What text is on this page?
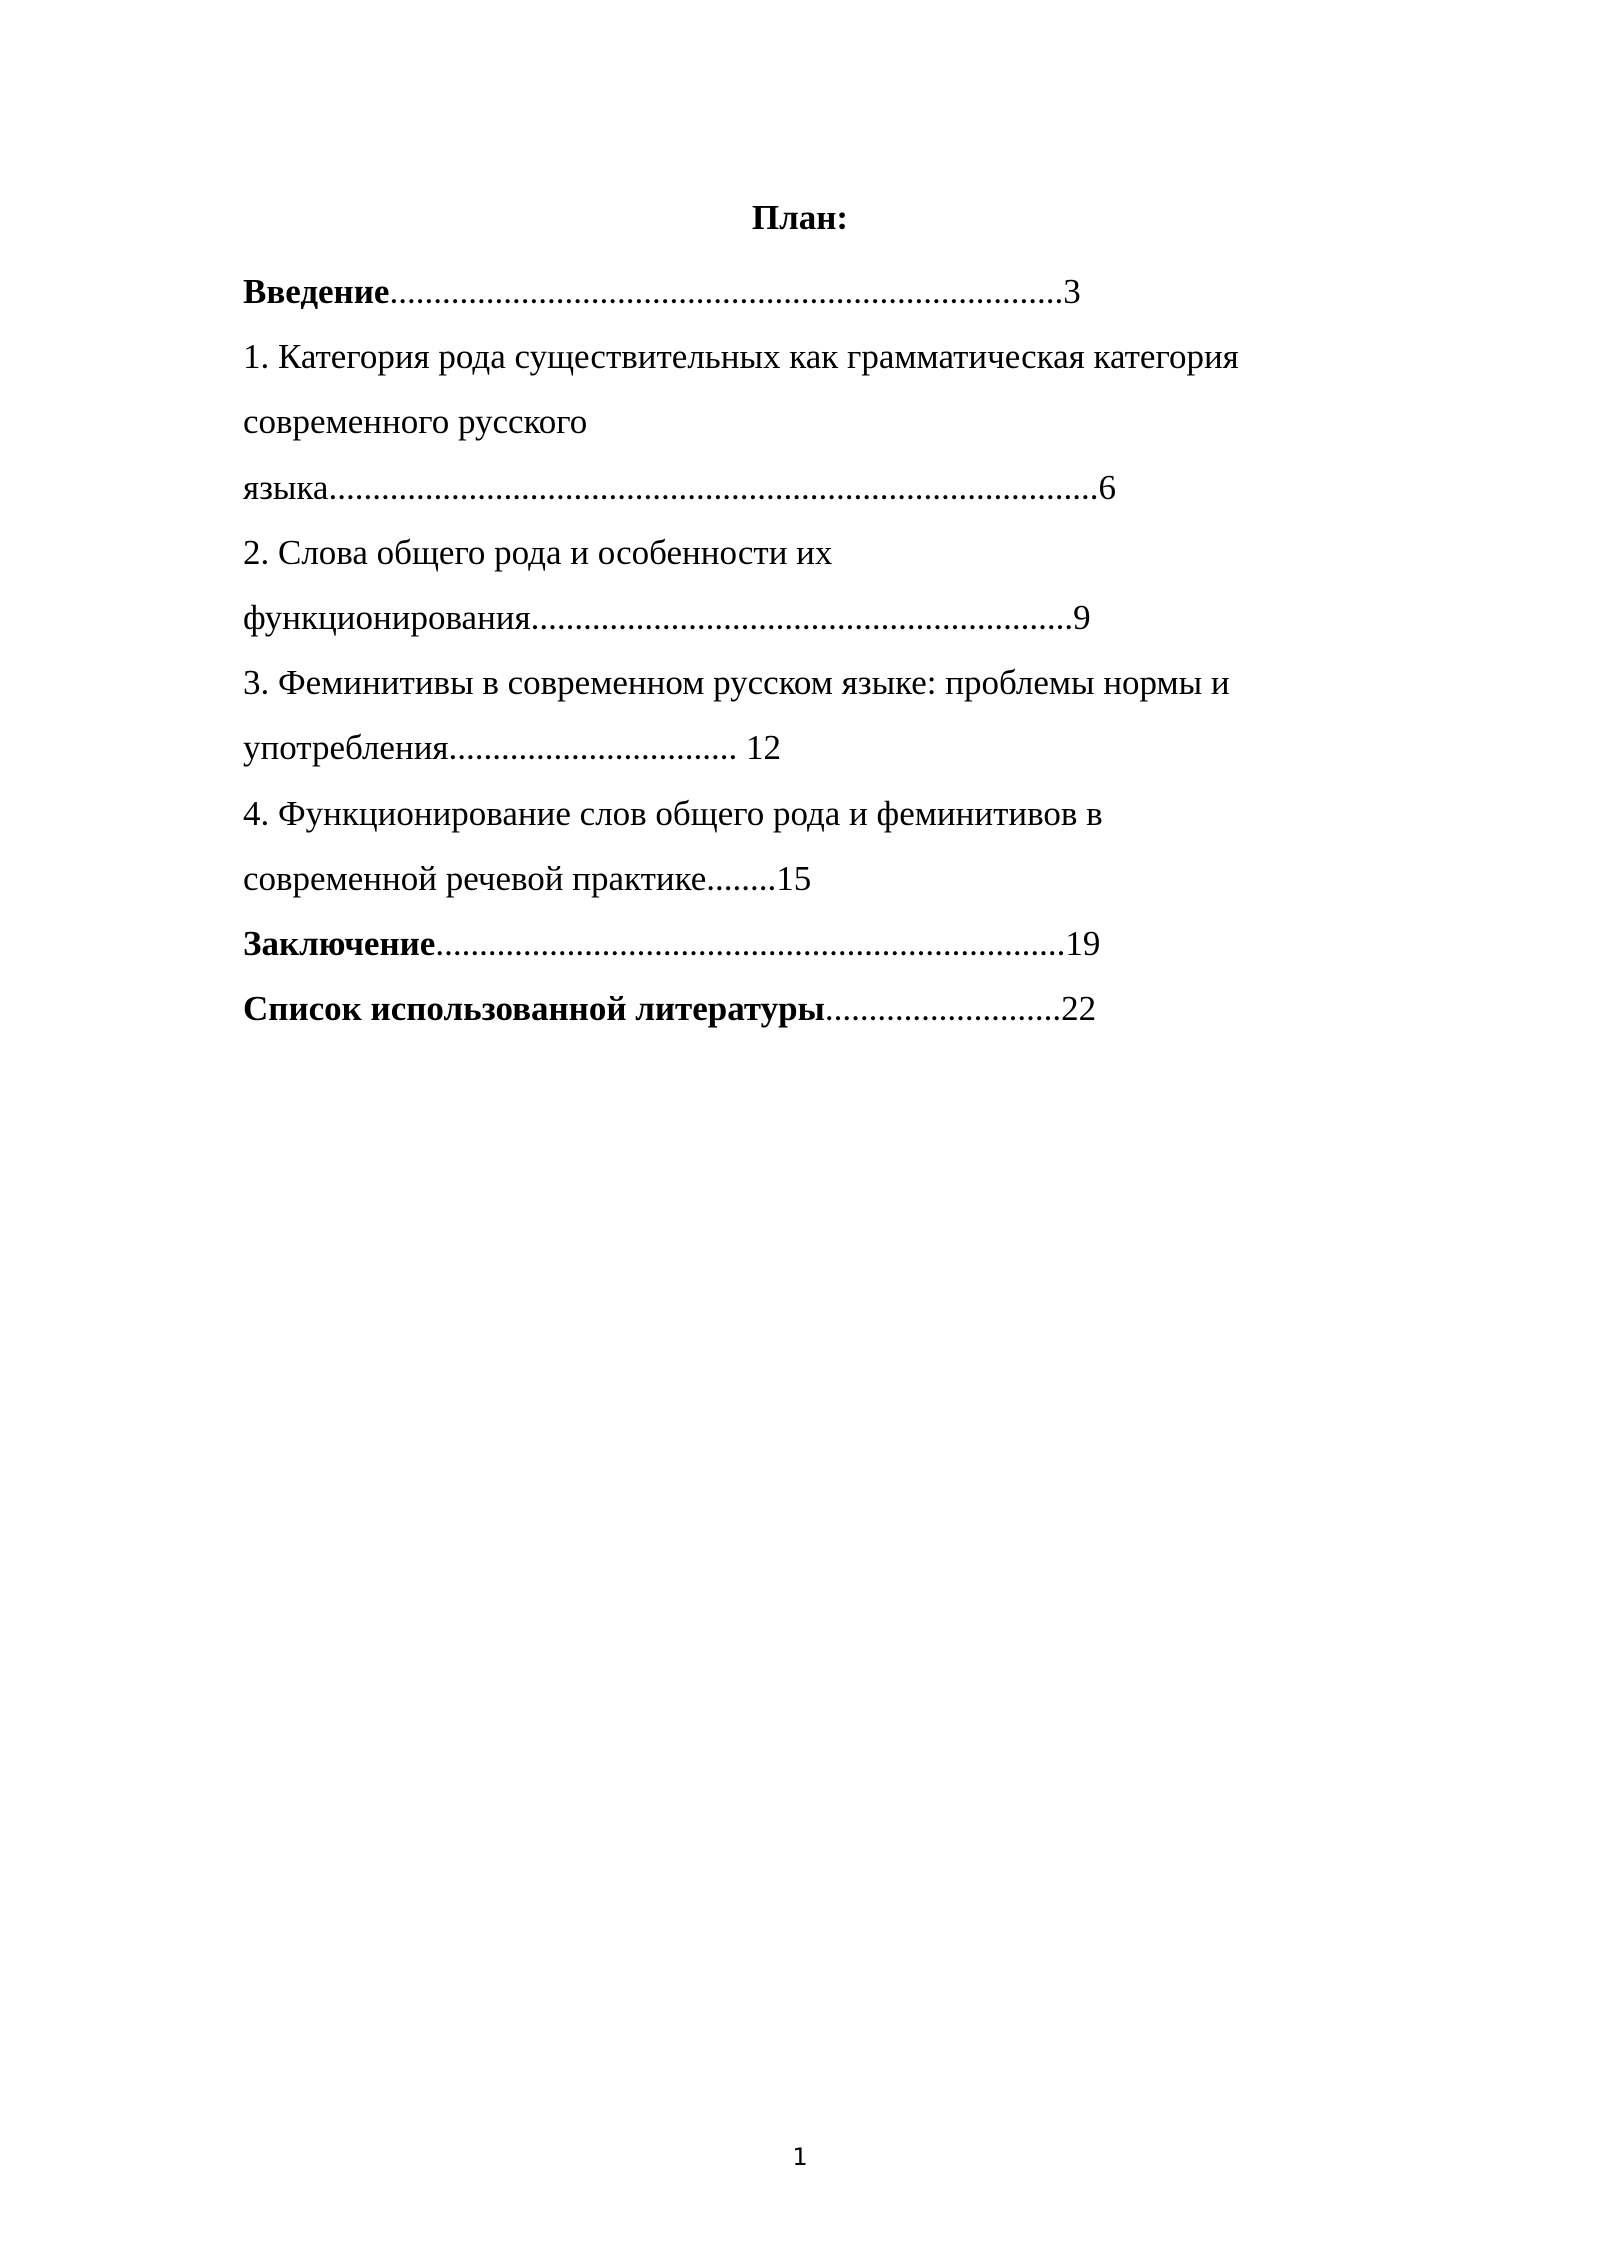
План:
Введение.............................................................................3
1. Категория рода существительных как грамматическая категория
современного русского
языка........................................................................................6
2. Слова общего рода и особенности их
функционирования..............................................................9
3. Феминитивы в современном русском языке: проблемы нормы и
употребления................................. 12
4. Функционирование слов общего рода и феминитивов в
современной речевой практике........15
Заключение........................................................................19
Список использованной литературы...........................22
1
